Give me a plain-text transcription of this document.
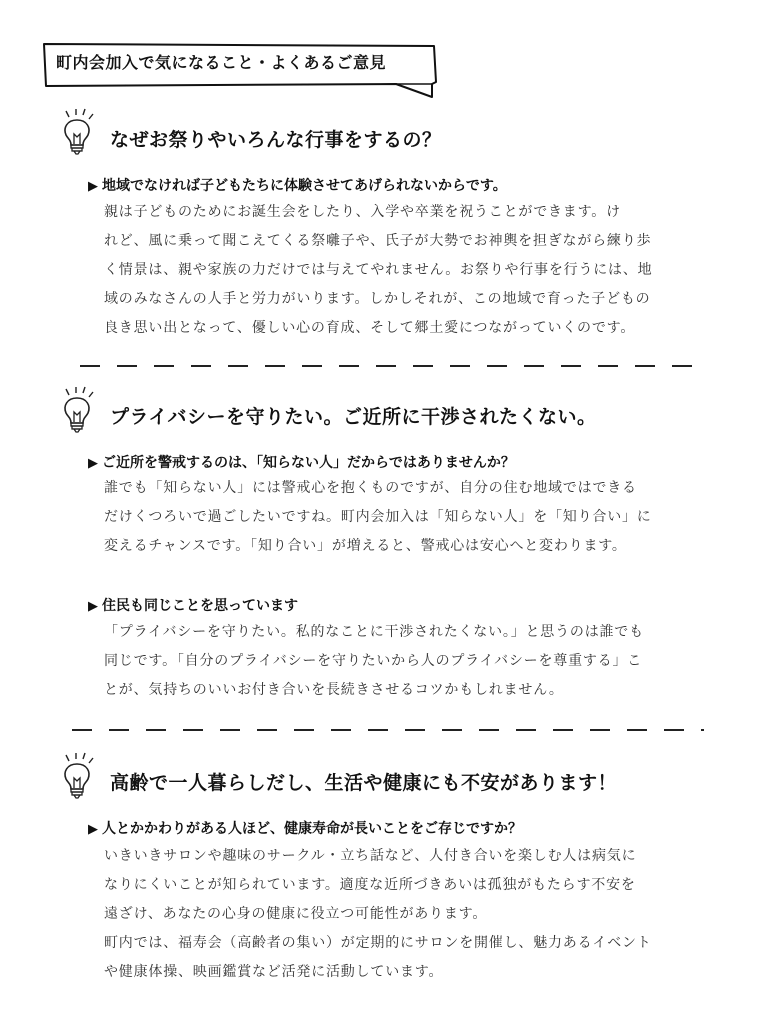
町内会加入で気になること・よくあるご意見
なぜお祭りやいろんな行事をするの？
▶ 地域でなければ子どもたちに体験させてあげられないからです。

親は子どものためにお誕生会をしたり、入学や卒業を祝うことができます。け

れど、風に乗って聞こえてくる祭囃子や、氏子が大勢でお神輿を担ぎながら練り歩

く情景は、親や家族の力だけでは与えてやれません。お祭りや行事を行うには、地

域のみなさんの人手と労力がいります。しかしそれが、この地域で育った子どもの

良き思い出となって、優しい心の育成、そして郷土愛につながっていくのです。

プライバシーを守りたい。ご近所に干渉されたくない。
▶ ご近所を警戒するのは、「知らない人」だからではありませんか？

誰でも「知らない人」には警戒心を抱くものですが、自分の住む地域ではできる

だけくつろいで過ごしたいですね。町内会加入は「知らない人」を「知り合い」に

変えるチャンスです。「知り合い」が増えると、警戒心は安心へと変わります。

▶ 住民も同じことを思っています

「プライバシーを守りたい。私的なことに干渉されたくない。」と思うのは誰でも

同じです。「自分のプライバシーを守りたいから人のプライバシーを尊重する」こ

とが、気持ちのいいお付き合いを長続きさせるコツかもしれません。

高齢で一人暮らしだし、生活や健康にも不安があります！
▶ 人とかかわりがある人ほど、健康寿命が長いことをご存じですか？

いきいきサロンや趣味のサークル・立ち話など、人付き合いを楽しむ人は病気に

なりにくいことが知られています。適度な近所づきあいは孤独がもたらす不安を

遠ざけ、あなたの心身の健康に役立つ可能性があります。

町内では、福寿会（高齢者の集い）が定期的にサロンを開催し、魅力あるイベント

や健康体操、映画鑑賞など活発に活動しています。
